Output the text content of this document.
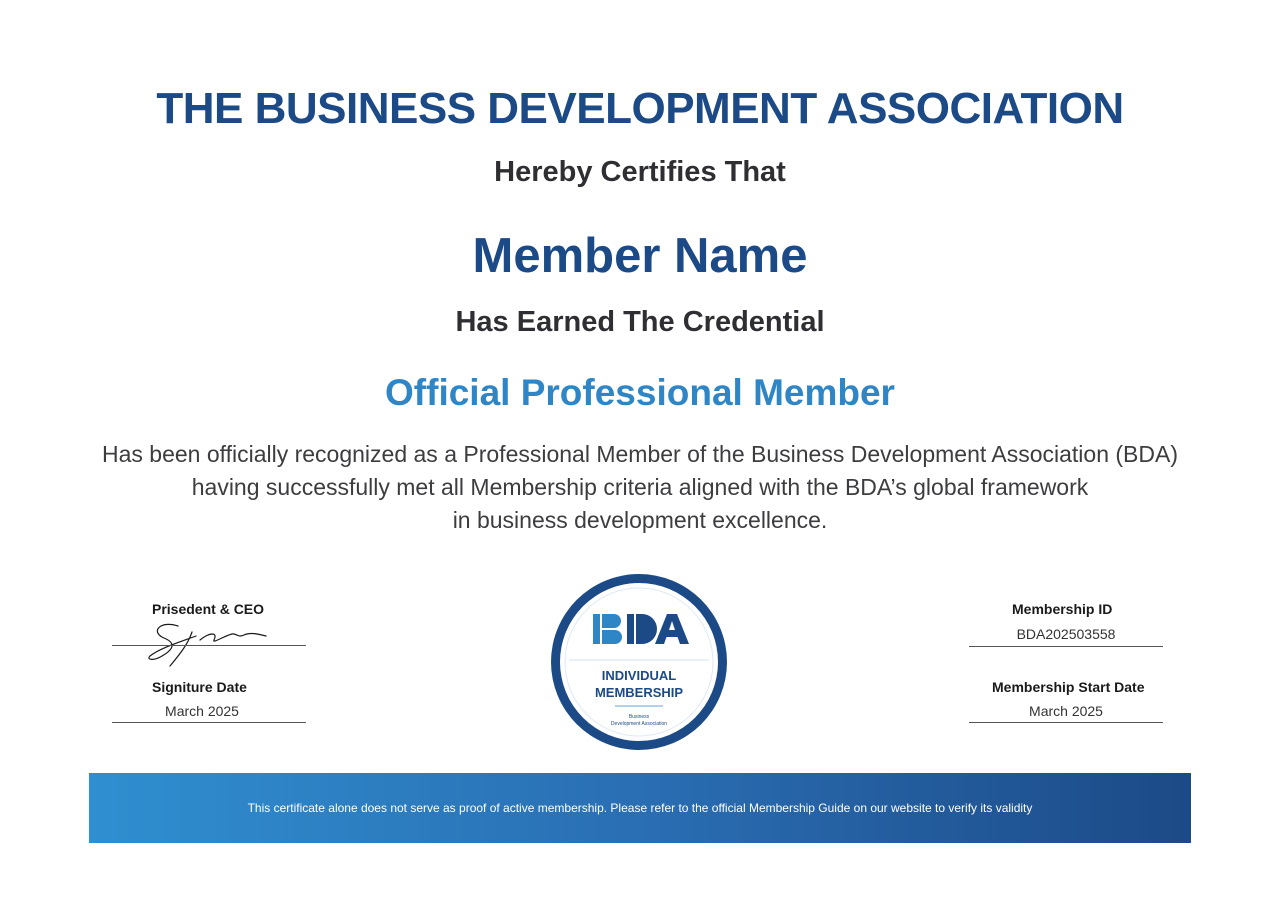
THE BUSINESS DEVELOPMENT ASSOCIATION
Hereby Certifies That
Member Name
Has Earned The Credential
Official Professional Member
Has been officially recognized as a Professional Member of the Business Development Association (BDA)
having successfully met all Membership criteria aligned with the BDA’s global framework
in business development excellence.
Prisedent & CEO
Signiture Date
March 2025
INDIVIDUAL
MEMBERSHIP
Business
Development Association
Membership ID
BDA202503558
Membership Start Date
March 2025
This certificate alone does not serve as proof of active membership. Please refer to the official Membership Guide on our website to verify its validity
